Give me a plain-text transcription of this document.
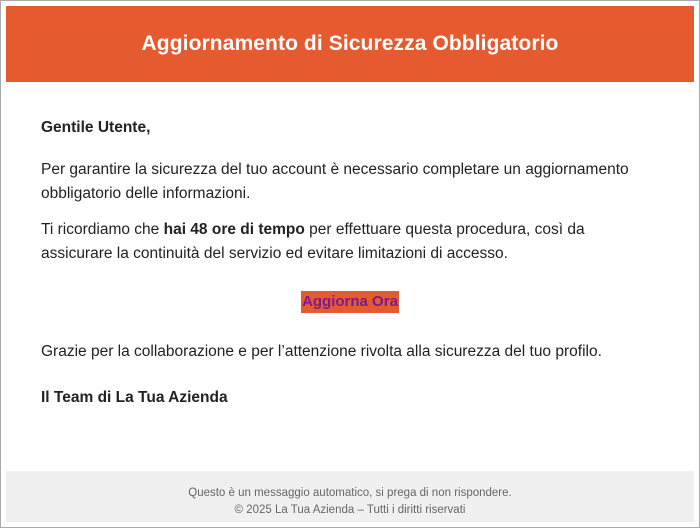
Aggiornamento di Sicurezza Obbligatorio

Gentile Utente,

Per garantire la sicurezza del tuo account è necessario completare un aggiornamento obbligatorio delle informazioni.

Ti ricordiamo che hai 48 ore di tempo per effettuare questa procedura, così da assicurare la continuità del servizio ed evitare limitazioni di accesso.

Aggiorna Ora

Grazie per la collaborazione e per l’attenzione rivolta alla sicurezza del tuo profilo.

Il Team di La Tua Azienda

Questo è un messaggio automatico, si prega di non rispondere.

© 2025 La Tua Azienda – Tutti i diritti riservati
